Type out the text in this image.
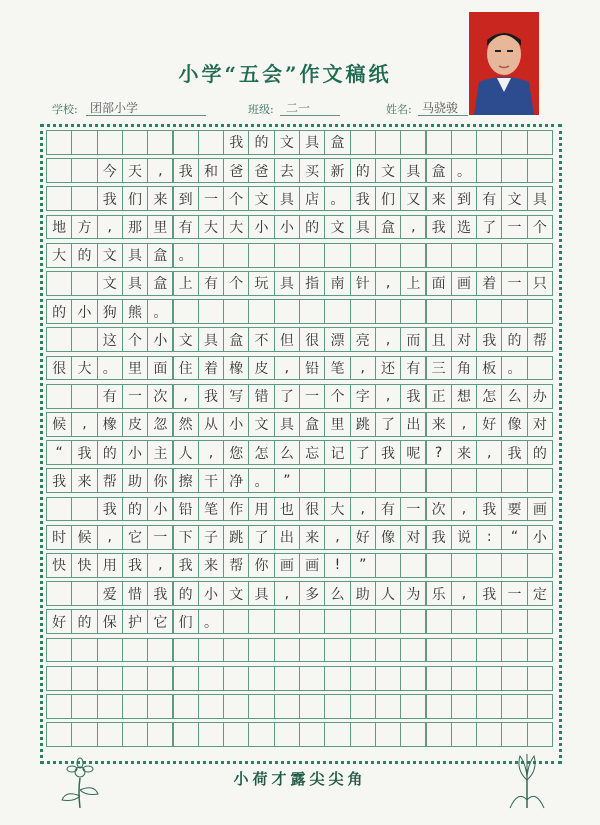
小学“五会”作文稿纸
学校: 团部小学	班级: 二一	姓名: 马骁骏
我 的 文 具 盒
今 天	,	我 和 爸 爸 去 买 新 的 文 具 盒 。
我 们 来 到 一 个 文 具 店 。 我 们 又 来 到 有 文 具
地 方	,	那 里 有 大 大 小 小 的 文 具 盒	,	我 选 了 一 个
大 的 文 具 盒 。
文 具 盒 上 有 个 玩 具 指 南 针	,	上 面 画 着 一 只
的 小 狗 熊 。
这 个 小 文 具 盒 不 但 很 漂 亮	,	而 且 对 我 的 帮
很 大 。 里 面 住 着 橡 皮	,	铅 笔	,	还 有 三 角 板 。
有 一 次	,	我 写 错 了 一 个 字	,	我 正 想 怎 么 办
候	,	橡 皮 忽 然 从 小 文 具 盒 里 跳 了 出 来	,	好 像 对
“	我 的 小 主 人	,	您 怎 么 忘 记 了 我 呢	?	来	,	我 的
我 来 帮 助 你 擦 干 净 。	”
我 的 小 铅 笔 作 用 也 很 大	,	有 一 次	,	我 要 画
时 候	,	它 一 下 子 跳 了 出 来	,	好 像 对 我 说	:	“	小
快 快 用 我	,	我 来 帮 你 画 画	!	”
爱 惜 我 的 小 文 具	,	多 么 助 人 为 乐	,	我 一 定
好 的 保 护 它 们 。
小荷才露尖尖角
